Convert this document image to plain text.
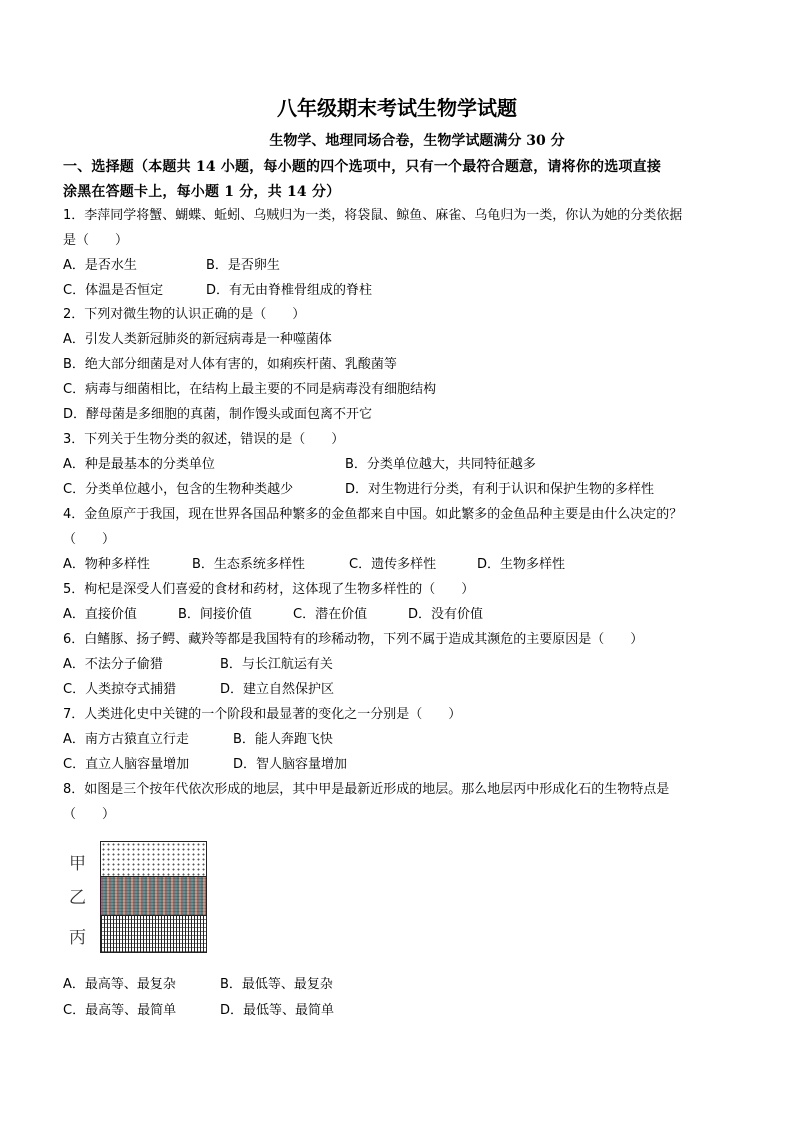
八年级期末考试生物学试题
生物学、地理同场合卷，生物学试题满分 30 分
一、选择题（本题共 14 小题，每小题的四个选项中，只有一个最符合题意，请将你的选项直接
涂黑在答题卡上，每小题 1 分，共 14 分）
1．李萍同学将蟹、蝴蝶、蚯蚓、乌贼归为一类，将袋鼠、鲸鱼、麻雀、乌龟归为一类，你认为她的分类依据
是（　　）
A．是否水生	B．是否卵生
C．体温是否恒定	D．有无由脊椎骨组成的脊柱
2．下列对微生物的认识正确的是（　　）
A．引发人类新冠肺炎的新冠病毒是一种噬菌体
B．绝大部分细菌是对人体有害的，如痢疾杆菌、乳酸菌等
C．病毒与细菌相比，在结构上最主要的不同是病毒没有细胞结构
D．酵母菌是多细胞的真菌，制作馒头或面包离不开它
3．下列关于生物分类的叙述，错误的是（　　）
A．种是最基本的分类单位	B．分类单位越大，共同特征越多
C．分类单位越小，包含的生物种类越少	D．对生物进行分类，有利于认识和保护生物的多样性
4．金鱼原产于我国，现在世界各国品种繁多的金鱼都来自中国。如此繁多的金鱼品种主要是由什么决定的？
（　　）
A．物种多样性	B．生态系统多样性	C．遗传多样性	D．生物多样性
5．枸杞是深受人们喜爱的食材和药材，这体现了生物多样性的（　　）
A．直接价值	B．间接价值	C．潜在价值	D．没有价值
6．白鳍豚、扬子鳄、藏羚等都是我国特有的珍稀动物，下列不属于造成其濒危的主要原因是（　　）
A．不法分子偷猎	B．与长江航运有关
C．人类掠夺式捕猎	D．建立自然保护区
7．人类进化史中关键的一个阶段和最显著的变化之一分别是（　　）
A．南方古猿直立行走	B．能人奔跑飞快
C．直立人脑容量增加	D．智人脑容量增加
8．如图是三个按年代依次形成的地层，其中甲是最新近形成的地层。那么地层丙中形成化石的生物特点是
（　　）
甲
乙
丙
A．最高等、最复杂	B．最低等、最复杂
C．最高等、最简单	D．最低等、最简单
